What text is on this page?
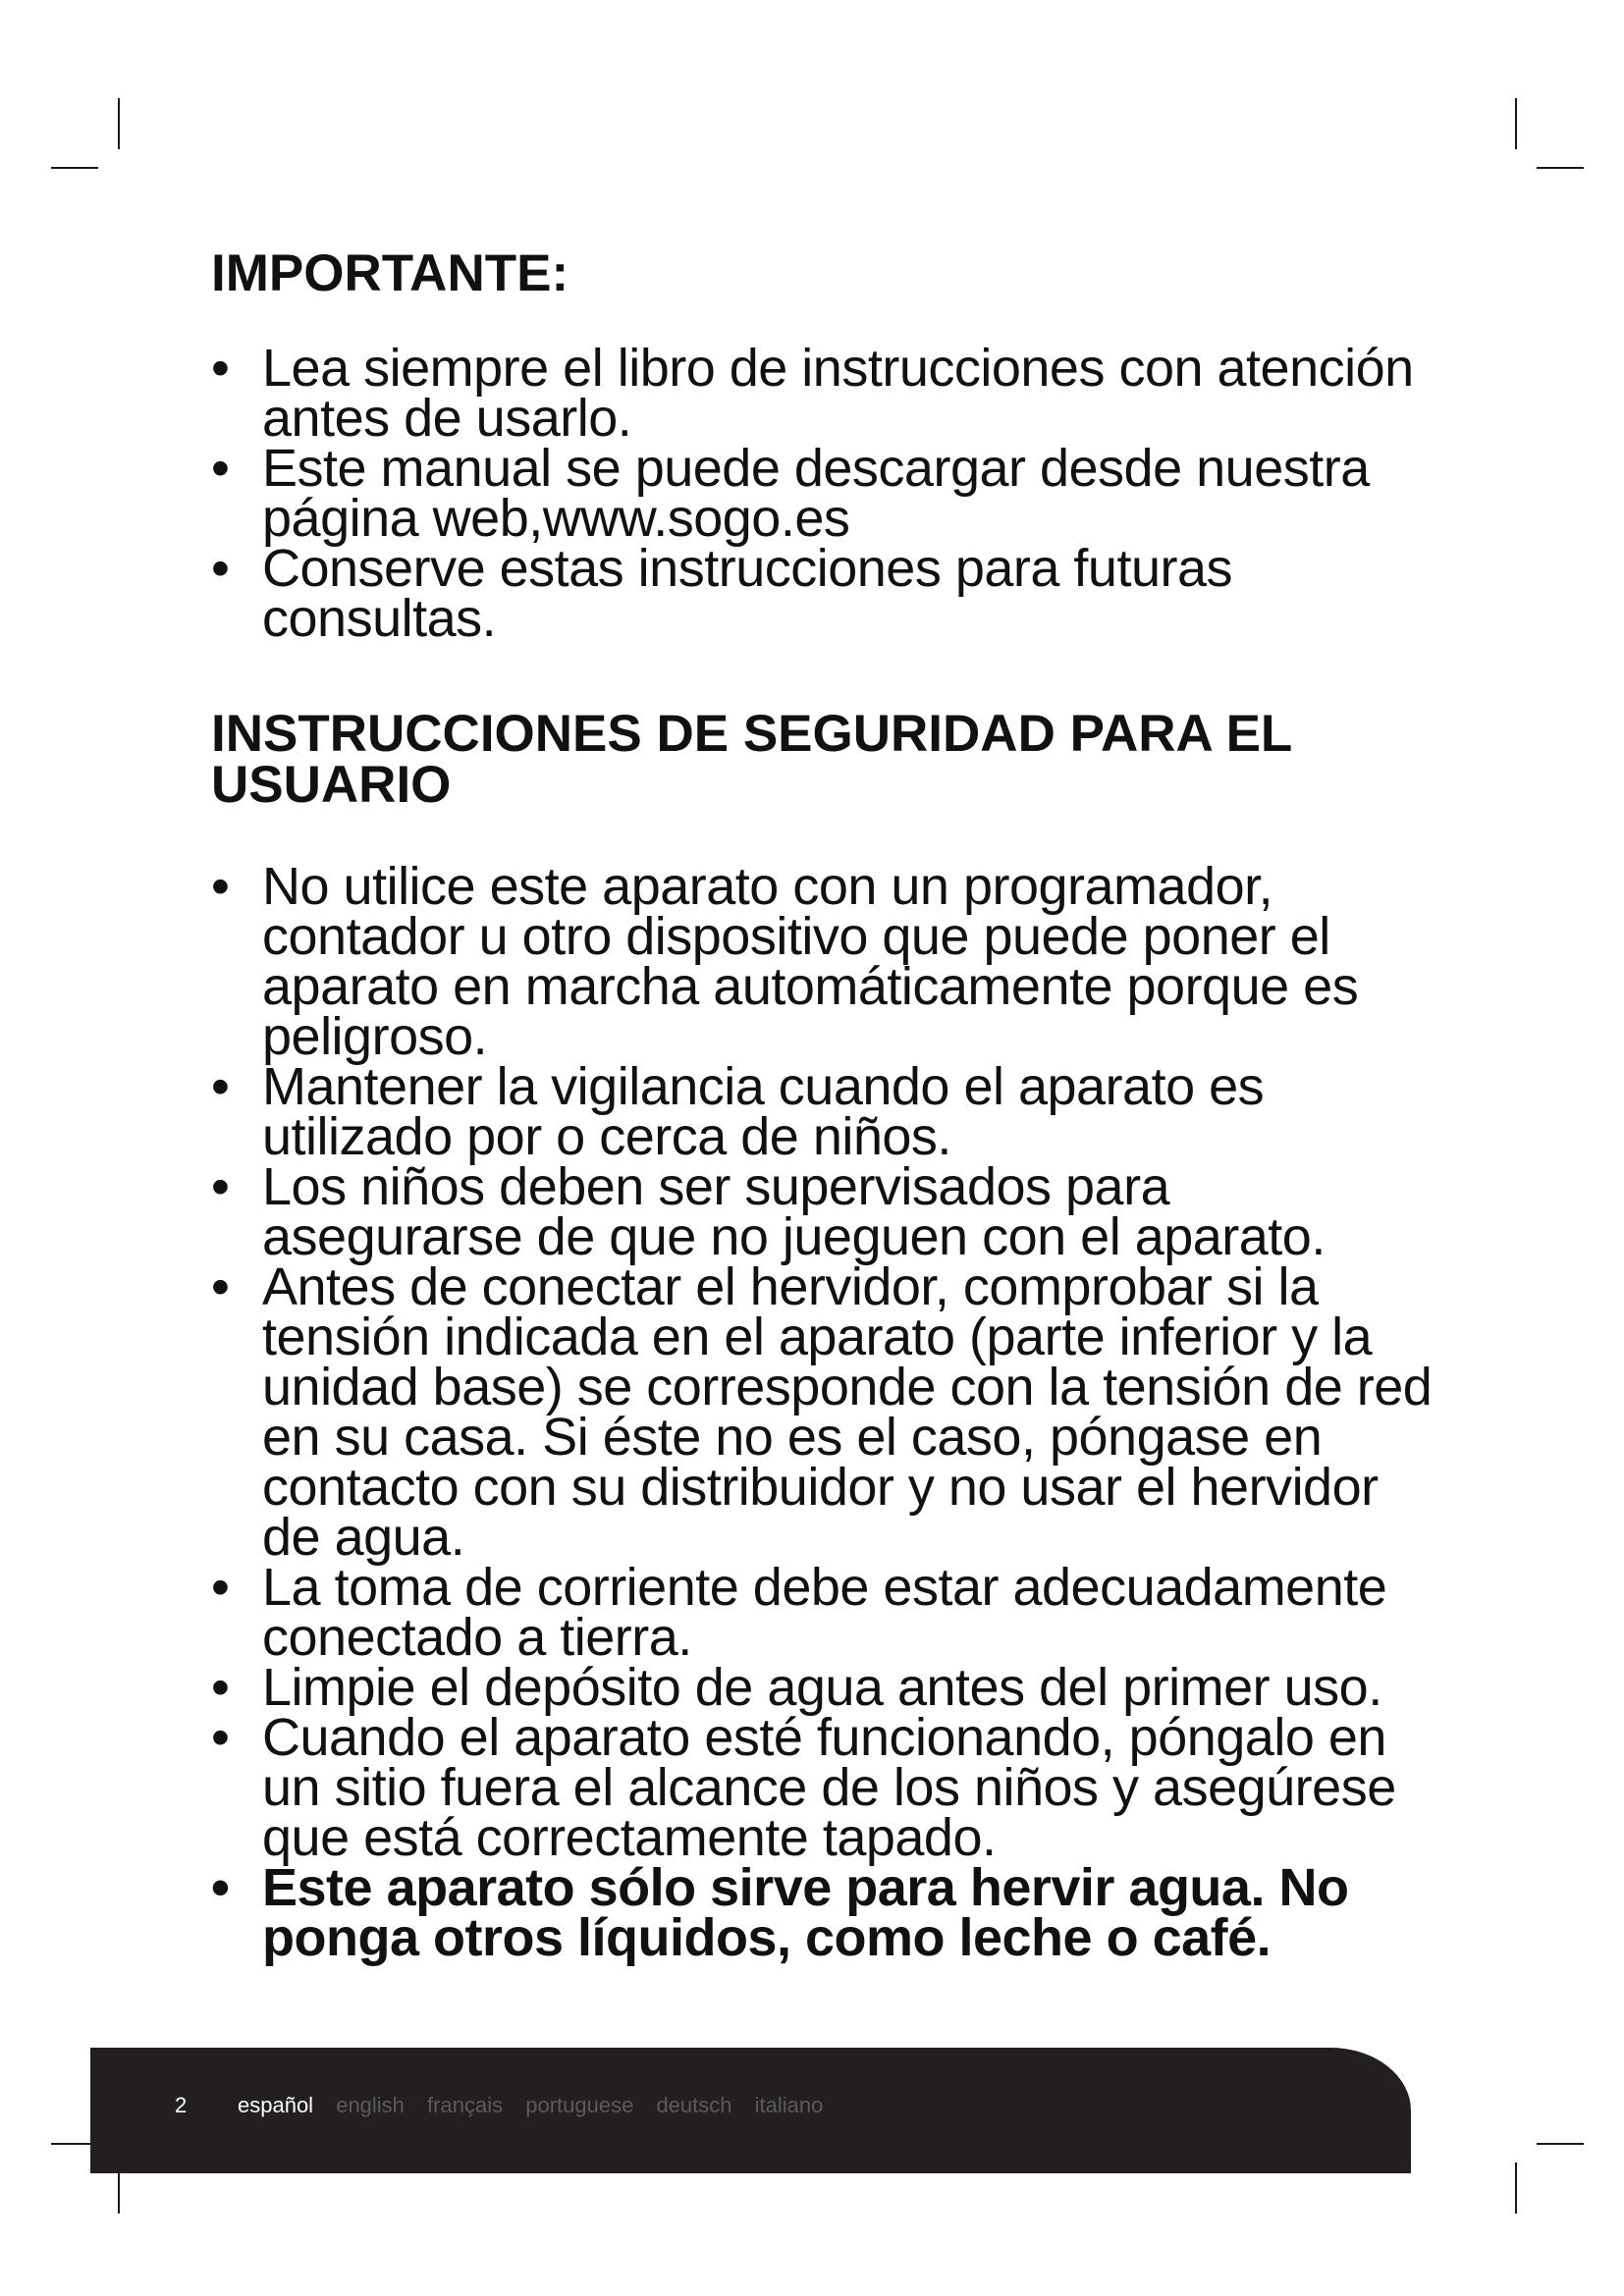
IMPORTANTE:
• Lea siempre el libro de instrucciones con atención antes de usarlo.
• Este manual se puede descargar desde nuestra página web,www.sogo.es
• Conserve estas instrucciones para futuras consultas.
INSTRUCCIONES DE SEGURIDAD PARA EL USUARIO
• No utilice este aparato con un programador, contador u otro dispositivo que puede poner el aparato en marcha automáticamente porque es peligroso.
• Mantener la vigilancia cuando el aparato es utilizado por o cerca de niños.
• Los niños deben ser supervisados para asegurarse de que no jueguen con el aparato.
• Antes de conectar el hervidor, comprobar si la tensión indicada en el aparato (parte inferior y la unidad base) se corresponde con la tensión de red en su casa. Si éste no es el caso, póngase en contacto con su distribuidor y no usar el hervidor de agua.
• La toma de corriente debe estar adecuadamente conectado a tierra.
• Limpie el depósito de agua antes del primer uso.
• Cuando el aparato esté funcionando, póngalo en un sitio fuera el alcance de los niños y asegúrese que está correctamente tapado.
• Este aparato sólo sirve para hervir agua. No ponga otros líquidos, como leche o café.
2 español english français portuguese deutsch italiano
